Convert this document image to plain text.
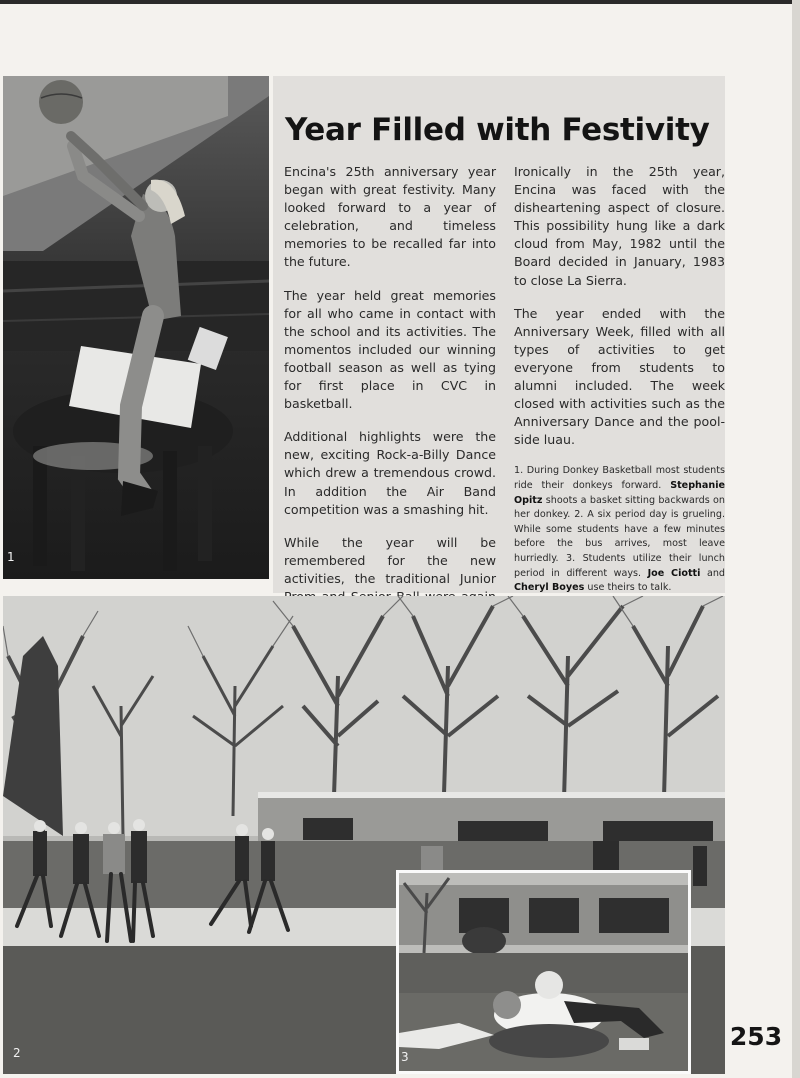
1
Year Filled with Festivity

Encina's 25th anniversary year began with great festivity. Many looked forward to a year of celebration, and timeless memories to be recalled far into the future.

The year held great memories for all who came in contact with the school and its activities. The momentos included our winning football season as well as tying for first place in CVC in basketball.

Additional highlights were the new, exciting Rock-a-Billy Dance which drew a tremendous crowd. In addition the Air Band competition was a smashing hit.

While the year will be remembered for the new activities, the traditional Junior

Ironically in the 25th year, Encina was faced with the disheartening aspect of closure. This possibility hung like a dark cloud from May, 1982 until the Board decided in January, 1983 to close La Sierra.

The year ended with the Anniversary Week, filled with all types of activities to get everyone from students to alumni included. The week closed with activities such as the Anniversary Dance and the pool-side luau.

1. During Donkey Basketball most students ride their donkeys forward. Stephanie Opitz shoots a basket sitting backwards on her donkey. 2. A six period day is grueling. While some students have a few minutes before the bus arrives, most leave hurriedly. 3. Students utilize their lunch period in different ways. Joe Ciotti and Cheryl Boyes use theirs to talk.

2	3
253
